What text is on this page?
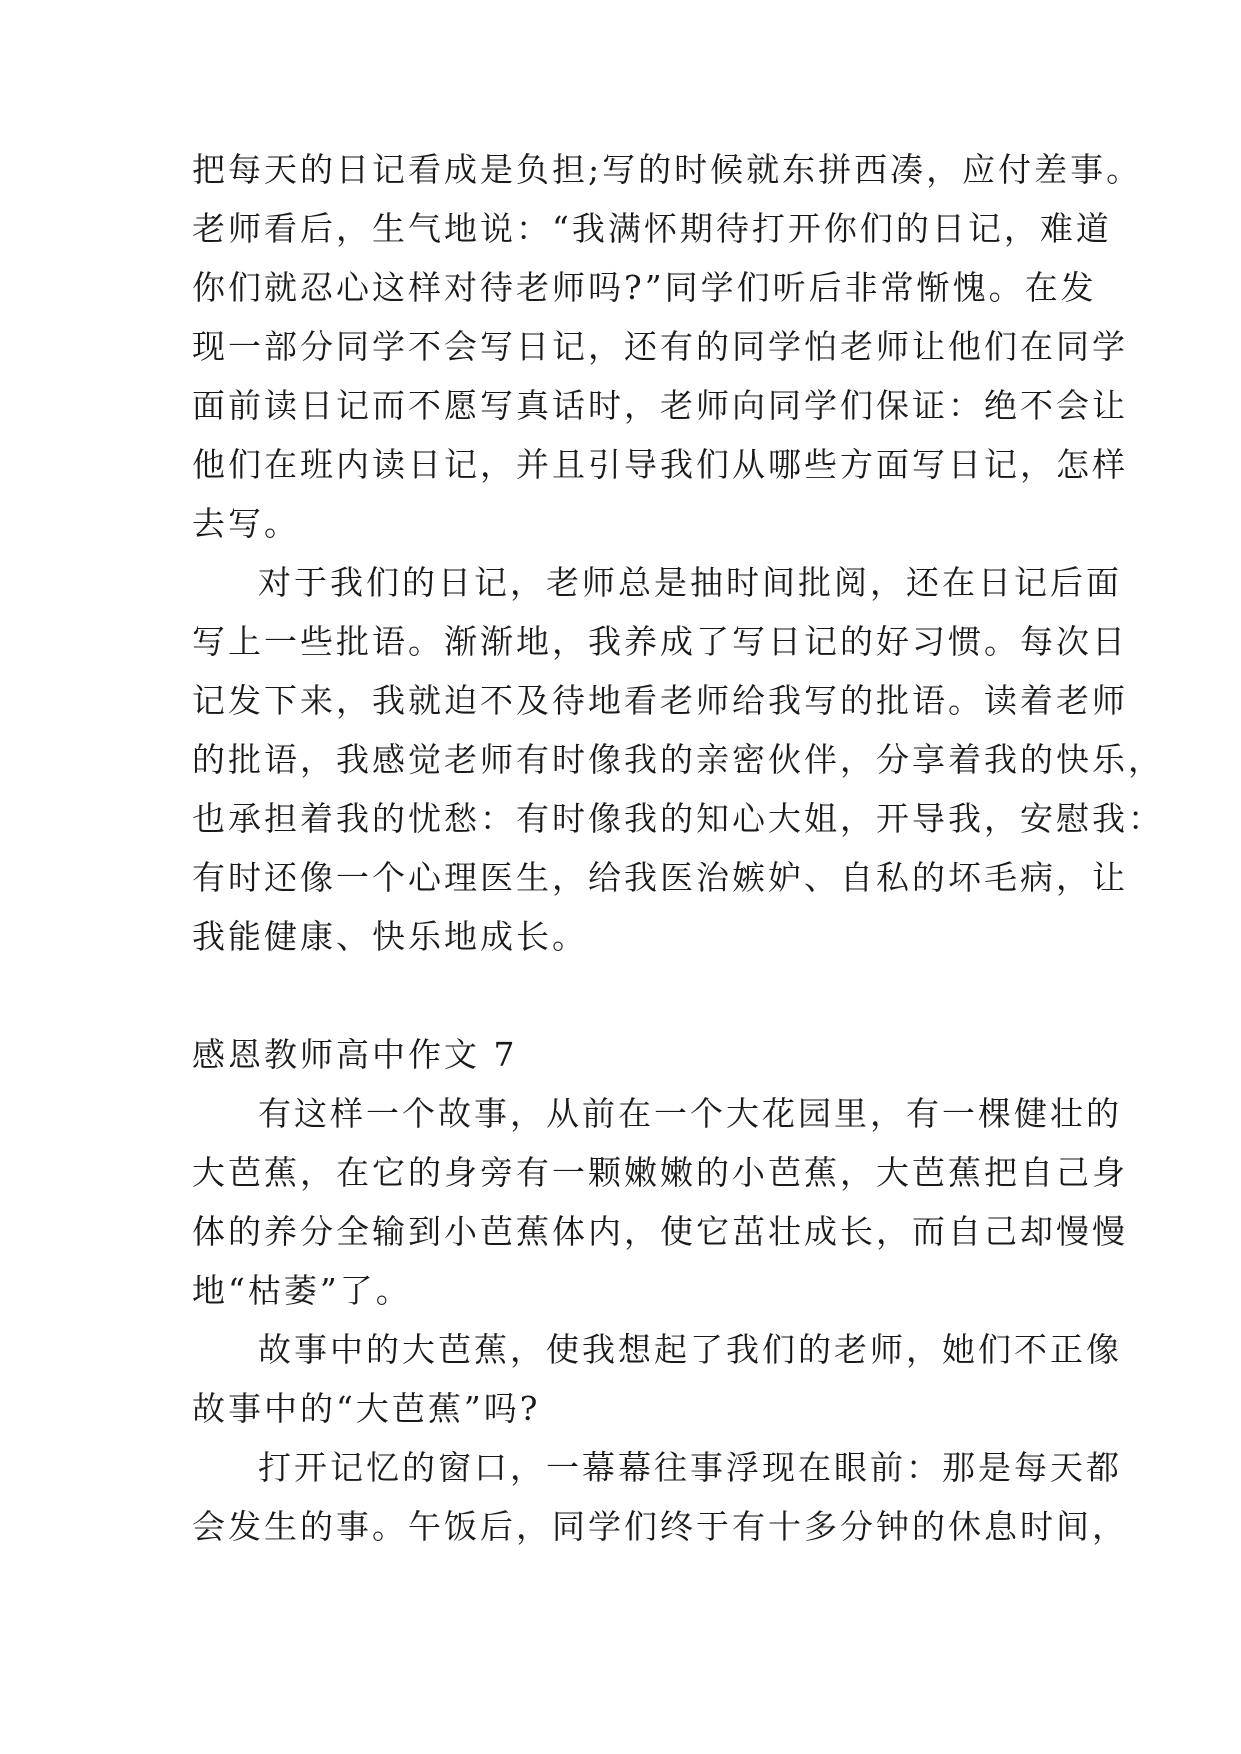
把每天的日记看成是负担;写的时候就东拼西凑，应付差事。
老师看后，生气地说：“我满怀期待打开你们的日记，难道
你们就忍心这样对待老师吗?”同学们听后非常惭愧。在发
现一部分同学不会写日记，还有的同学怕老师让他们在同学
面前读日记而不愿写真话时，老师向同学们保证：绝不会让
他们在班内读日记，并且引导我们从哪些方面写日记，怎样
去写。
对于我们的日记，老师总是抽时间批阅，还在日记后面
写上一些批语。渐渐地，我养成了写日记的好习惯。每次日
记发下来，我就迫不及待地看老师给我写的批语。读着老师
的批语，我感觉老师有时像我的亲密伙伴，分享着我的快乐，
也承担着我的忧愁：有时像我的知心大姐，开导我，安慰我：
有时还像一个心理医生，给我医治嫉妒、自私的坏毛病，让
我能健康、快乐地成长。
感恩教师高中作文 7
有这样一个故事，从前在一个大花园里，有一棵健壮的
大芭蕉，在它的身旁有一颗嫩嫩的小芭蕉，大芭蕉把自己身
体的养分全输到小芭蕉体内，使它茁壮成长，而自己却慢慢
地“枯萎”了。
故事中的大芭蕉，使我想起了我们的老师，她们不正像
故事中的“大芭蕉”吗?
打开记忆的窗口，一幕幕往事浮现在眼前：那是每天都
会发生的事。午饭后，同学们终于有十多分钟的休息时间，
